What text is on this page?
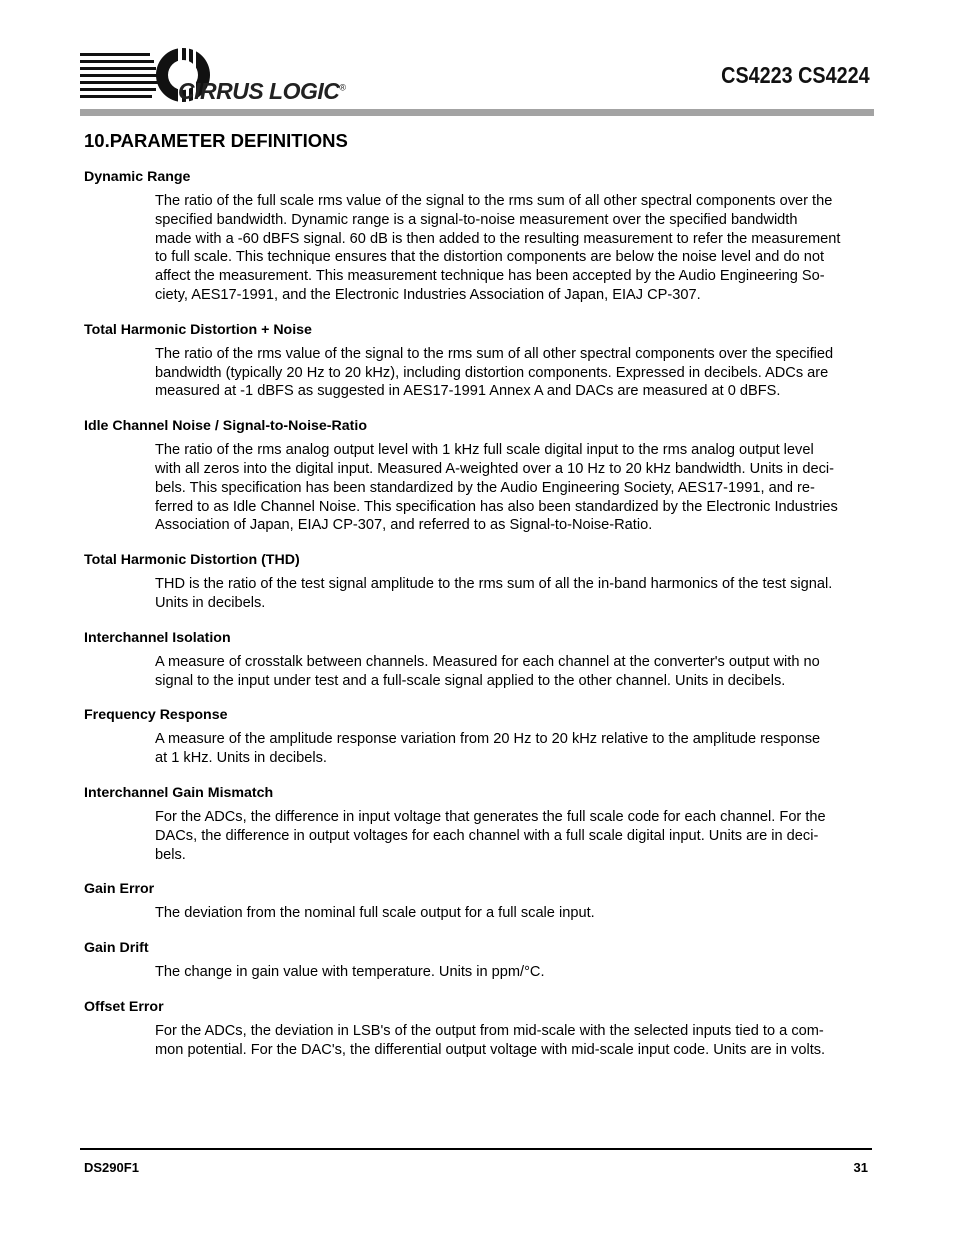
CIRRUS LOGIC®	CS4223 CS4224
10.PARAMETER DEFINITIONS
Dynamic Range
The ratio of the full scale rms value of the signal to the rms sum of all other spectral components over the
specified bandwidth. Dynamic range is a signal-to-noise measurement over the specified bandwidth
made with a -60 dBFS signal. 60 dB is then added to the resulting measurement to refer the measurement
to full scale. This technique ensures that the distortion components are below the noise level and do not
affect the measurement. This measurement technique has been accepted by the Audio Engineering So-
ciety, AES17-1991, and the Electronic Industries Association of Japan, EIAJ CP-307.
Total Harmonic Distortion + Noise
The ratio of the rms value of the signal to the rms sum of all other spectral components over the specified
bandwidth (typically 20 Hz to 20 kHz), including distortion components. Expressed in decibels. ADCs are
measured at -1 dBFS as suggested in AES17-1991 Annex A and DACs are measured at 0 dBFS.
Idle Channel Noise / Signal-to-Noise-Ratio
The ratio of the rms analog output level with 1 kHz full scale digital input to the rms analog output level
with all zeros into the digital input. Measured A-weighted over a 10 Hz to 20 kHz bandwidth. Units in deci-
bels. This specification has been standardized by the Audio Engineering Society, AES17-1991, and re-
ferred to as Idle Channel Noise. This specification has also been standardized by the Electronic Industries
Association of Japan, EIAJ CP-307, and referred to as Signal-to-Noise-Ratio.
Total Harmonic Distortion (THD)
THD is the ratio of the test signal amplitude to the rms sum of all the in-band harmonics of the test signal.
Units in decibels.
Interchannel Isolation
A measure of crosstalk between channels. Measured for each channel at the converter's output with no
signal to the input under test and a full-scale signal applied to the other channel. Units in decibels.
Frequency Response
A measure of the amplitude response variation from 20 Hz to 20 kHz relative to the amplitude response
at 1 kHz. Units in decibels.
Interchannel Gain Mismatch
For the ADCs, the difference in input voltage that generates the full scale code for each channel. For the
DACs, the difference in output voltages for each channel with a full scale digital input. Units are in deci-
bels.
Gain Error
The deviation from the nominal full scale output for a full scale input.
Gain Drift
The change in gain value with temperature. Units in ppm/°C.
Offset Error
For the ADCs, the deviation in LSB's of the output from mid-scale with the selected inputs tied to a com-
mon potential. For the DAC's, the differential output voltage with mid-scale input code. Units are in volts.
DS290F1	31
